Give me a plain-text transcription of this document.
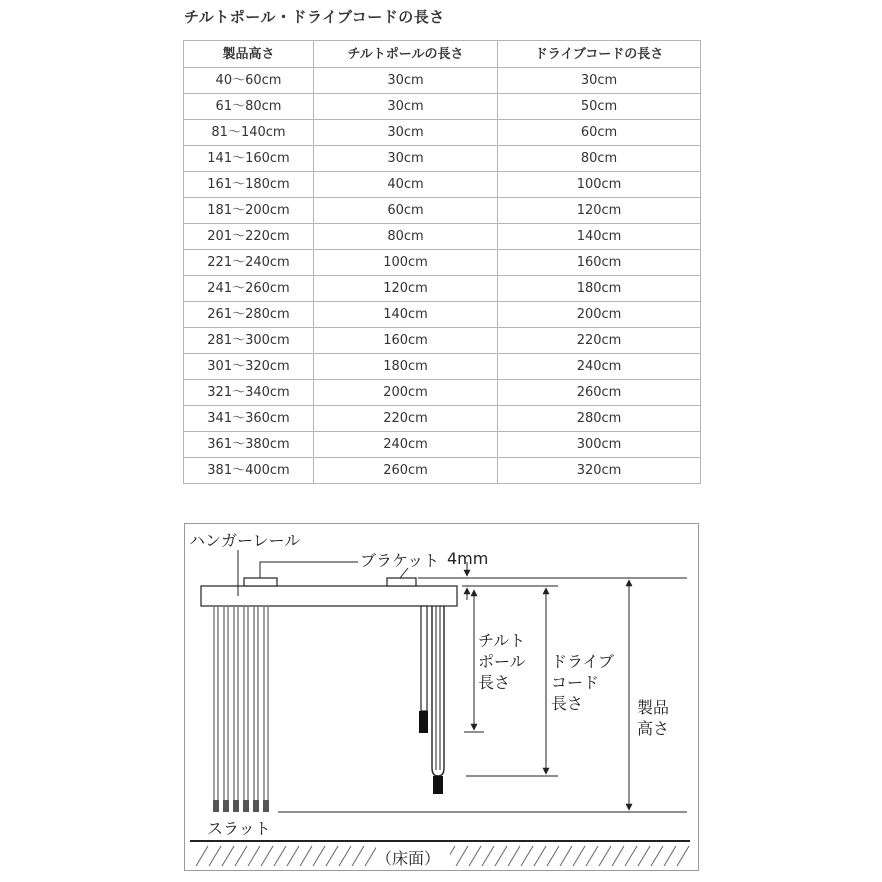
チルトポール・ドライブコードの長さ
製品高さ	チルトポールの長さ	ドライブコードの長さ
40～60cm	30cm	30cm
61～80cm	30cm	50cm
81～140cm	30cm	60cm
141～160cm	30cm	80cm
161～180cm	40cm	100cm
181～200cm	60cm	120cm
201～220cm	80cm	140cm
221～240cm	100cm	160cm
241～260cm	120cm	180cm
261～280cm	140cm	200cm
281～300cm	160cm	220cm
301～320cm	180cm	240cm
321～340cm	200cm	260cm
341～360cm	220cm	280cm
361～380cm	240cm	300cm
381～400cm	260cm	320cm
ハンガーレール
ブラケット 4mm
チルト
ポール
長さ
ドライブ
コード
長さ	製品
高さ
スラット
（床面）
